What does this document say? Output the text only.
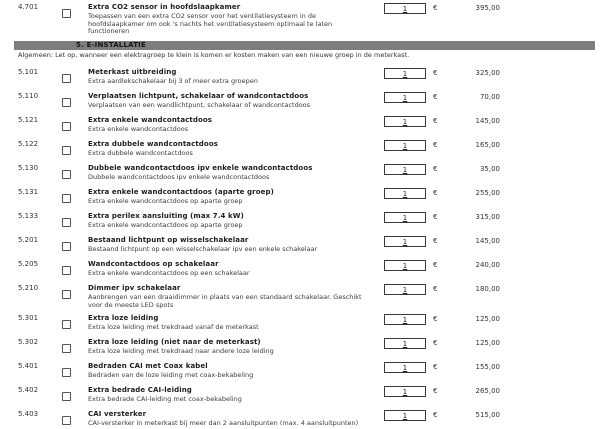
4.701	Extra CO2 sensor in hoofdslaapkamer
Toepassen van een extra CO2 sensor voor het ventilatiesysteem in de hoofdslaapkamer om ook 's nachts het ventilatiesysteem optimaal te laten functioneren
1
€	395,00
5. E-INSTALLATIE
Algemeen: Let op, wanneer een elektragroep te klein is komen er kosten maken van een nieuwe groep in de meterkast.
5.101	Meterkast uitbreiding
Extra aardlekschakelaar bij 3 of meer extra groepen
1
€	325,00
5.110	Verplaatsen lichtpunt, schakelaar of wandcontactdoos
Verplaatsen van een wandlichtpunt, schakelaar of wandcontactdoos
1
€	70,00
5.121	Extra enkele wandcontactdoos
Extra enkele wandcontactdoos
1
€	145,00
5.122	Extra dubbele wandcontactdoos
Extra dubbele wandcontactdoos
1
€	165,00
5.130	Dubbele wandcontactdoos ipv enkele wandcontactdoos
Dubbele wandcontactdoos ipv enkele wandcontactdoos
1
€	35,00
5.131	Extra enkele wandcontactdoos (aparte groep)
Extra enkele wandcontactdoos op aparte groep
1
€	255,00
5.133	Extra perilex aansluiting (max 7.4 kW)
Extra enkele wandcontactdoos op aparte groep
1
€	315,00
5.201	Bestaand lichtpunt op wisselschakelaar
Bestaand lichtpunt op een wisselschakelaar ipv een enkele schakelaar
1
€	145,00
5.205	Wandcontactdoos op schakelaar
Extra enkele wandcontactdoos op een schakelaar
1
€	240,00
5.210	Dimmer ipv schakelaar
Aanbrengen van een draaidimmer in plaats van een standaard schakelaar. Geschikt voor de meeste LED spots
1
€	180,00
5.301	Extra loze leiding
Extra loze leiding met trekdraad vanaf de meterkast
1
€	125,00
5.302	Extra loze leiding (niet naar de meterkast)
Extra loze leiding met trekdraad naar andere loze leiding
1
€	125,00
5.401	Bedraden CAI met Coax kabel
Bedraden van de loze leiding met coax-bekabeling
1
€	155,00
5.402	Extra bedrade CAI-leiding
Extra bedrade CAI-leiding met coax-bekabeling
1
€	265,00
5.403	CAI versterker
CAI-versterker in meterkast bij meer dan 2 aansluitpunten (max. 4 aansluitpunten)
1
€	515,00
